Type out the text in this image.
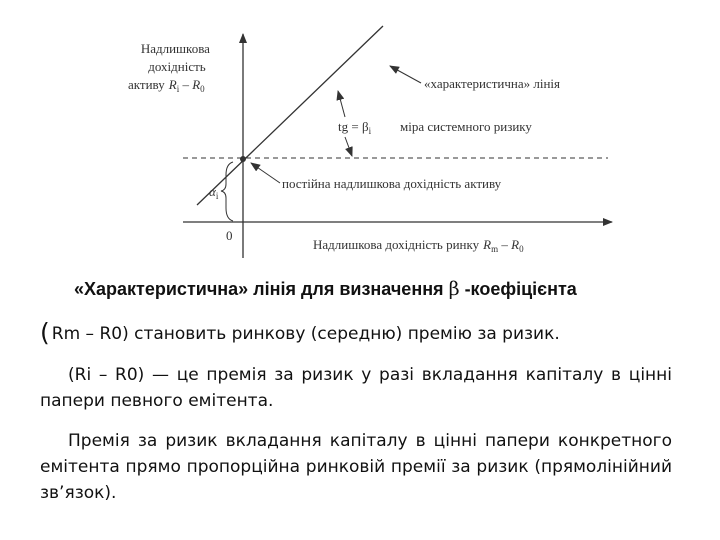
Надлишкова дохідність
активу $R_i - R_0$	«характеристична» лінія
tg = $\beta_i$ міра системного ризику
$\alpha_i$
постійна надлишкова дохідність активу
0
Надлишкова дохідність ринку $R_m - R_0$
«Характеристична» лінія для визначення β -коефіцієнта
( Rm – R0) становить ринкову (середню) премію за ризик.
(Ri – R0) — це премія за ризик у разі вкладання капіталу в цінні папери певного емітента.
Премія за ризик вкладання капіталу в цінні папери конкретного емітента прямо пропорційна ринковій премії за ризик (прямолінійний зв’язок).
